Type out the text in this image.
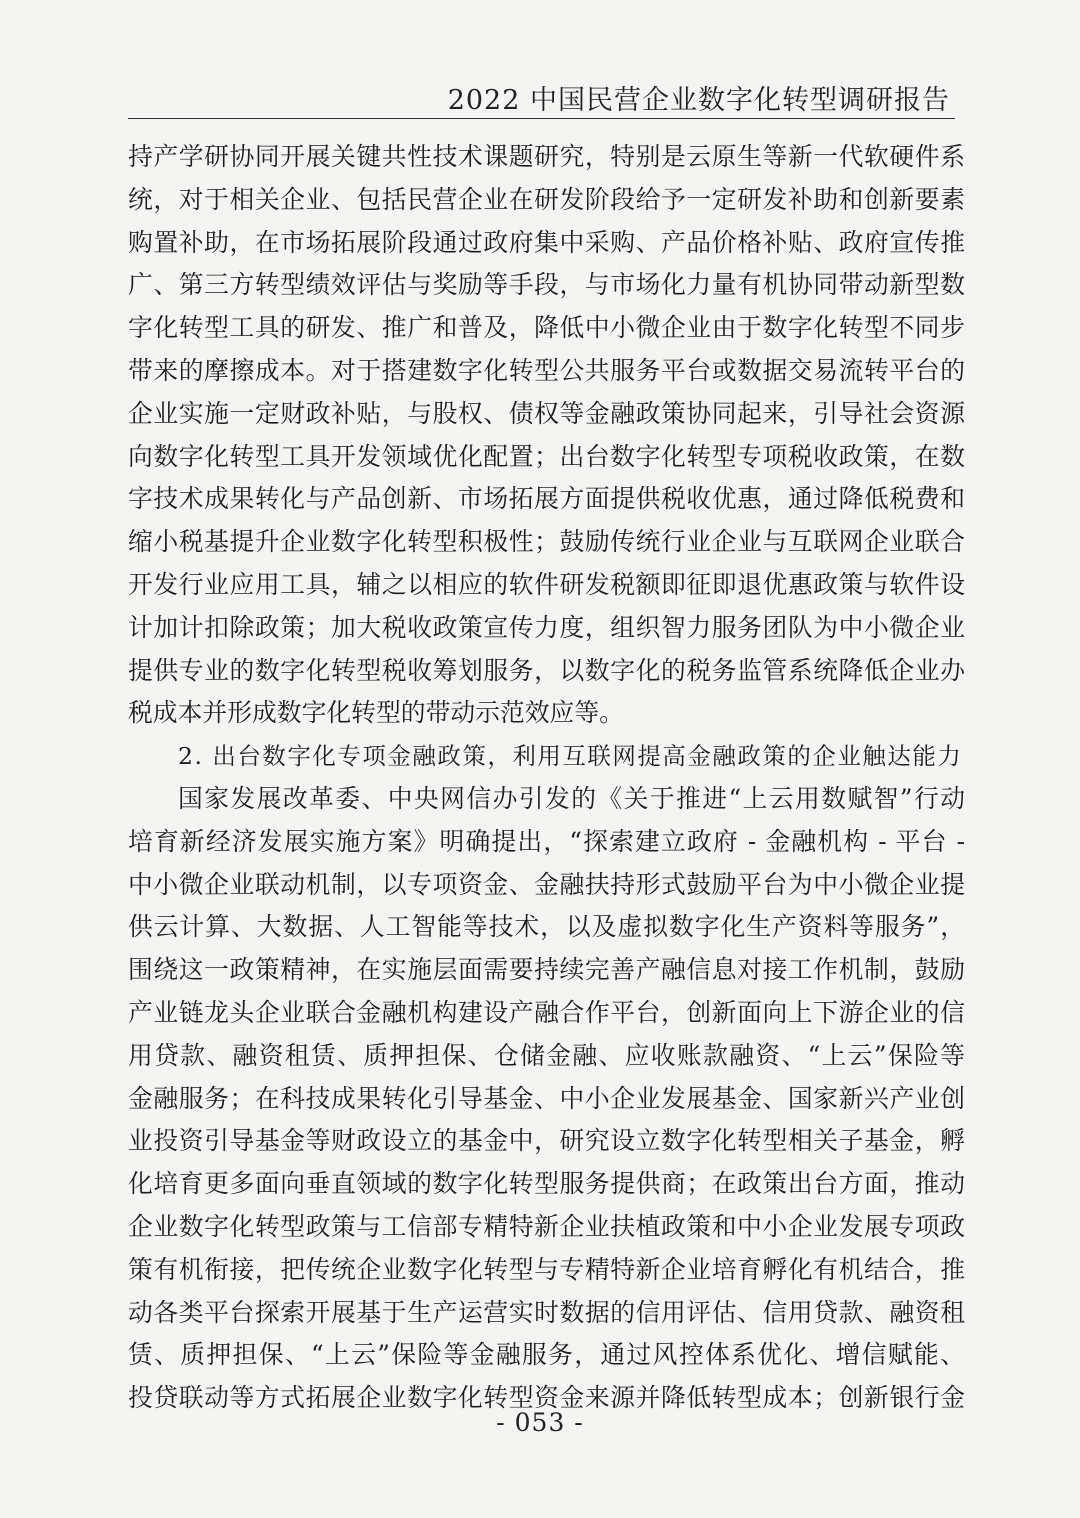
2022 中国民营企业数字化转型调研报告
持产学研协同开展关键共性技术课题研究，特别是云原生等新一代软硬件系
统，对于相关企业、包括民营企业在研发阶段给予一定研发补助和创新要素
购置补助，在市场拓展阶段通过政府集中采购、产品价格补贴、政府宣传推
广、第三方转型绩效评估与奖励等手段，与市场化力量有机协同带动新型数
字化转型工具的研发、推广和普及，降低中小微企业由于数字化转型不同步
带来的摩擦成本。对于搭建数字化转型公共服务平台或数据交易流转平台的
企业实施一定财政补贴，与股权、债权等金融政策协同起来，引导社会资源
向数字化转型工具开发领域优化配置；出台数字化转型专项税收政策，在数
字技术成果转化与产品创新、市场拓展方面提供税收优惠，通过降低税费和
缩小税基提升企业数字化转型积极性；鼓励传统行业企业与互联网企业联合
开发行业应用工具，辅之以相应的软件研发税额即征即退优惠政策与软件设
计加计扣除政策；加大税收政策宣传力度，组织智力服务团队为中小微企业
提供专业的数字化转型税收筹划服务，以数字化的税务监管系统降低企业办
税成本并形成数字化转型的带动示范效应等。
2. 出台数字化专项金融政策，利用互联网提高金融政策的企业触达能力
国家发展改革委、中央网信办引发的《关于推进“上云用数赋智”行动
培育新经济发展实施方案》明确提出，“探索建立政府 - 金融机构 - 平台 -
中小微企业联动机制，以专项资金、金融扶持形式鼓励平台为中小微企业提
供云计算、大数据、人工智能等技术，以及虚拟数字化生产资料等服务”，
围绕这一政策精神，在实施层面需要持续完善产融信息对接工作机制，鼓励
产业链龙头企业联合金融机构建设产融合作平台，创新面向上下游企业的信
用贷款、融资租赁、质押担保、仓储金融、应收账款融资、“上云”保险等
金融服务；在科技成果转化引导基金、中小企业发展基金、国家新兴产业创
业投资引导基金等财政设立的基金中，研究设立数字化转型相关子基金，孵
化培育更多面向垂直领域的数字化转型服务提供商；在政策出台方面，推动
企业数字化转型政策与工信部专精特新企业扶植政策和中小企业发展专项政
策有机衔接，把传统企业数字化转型与专精特新企业培育孵化有机结合，推
动各类平台探索开展基于生产运营实时数据的信用评估、信用贷款、融资租
赁、质押担保、“上云”保险等金融服务，通过风控体系优化、增信赋能、
投贷联动等方式拓展企业数字化转型资金来源并降低转型成本；创新银行金
- 053 -
